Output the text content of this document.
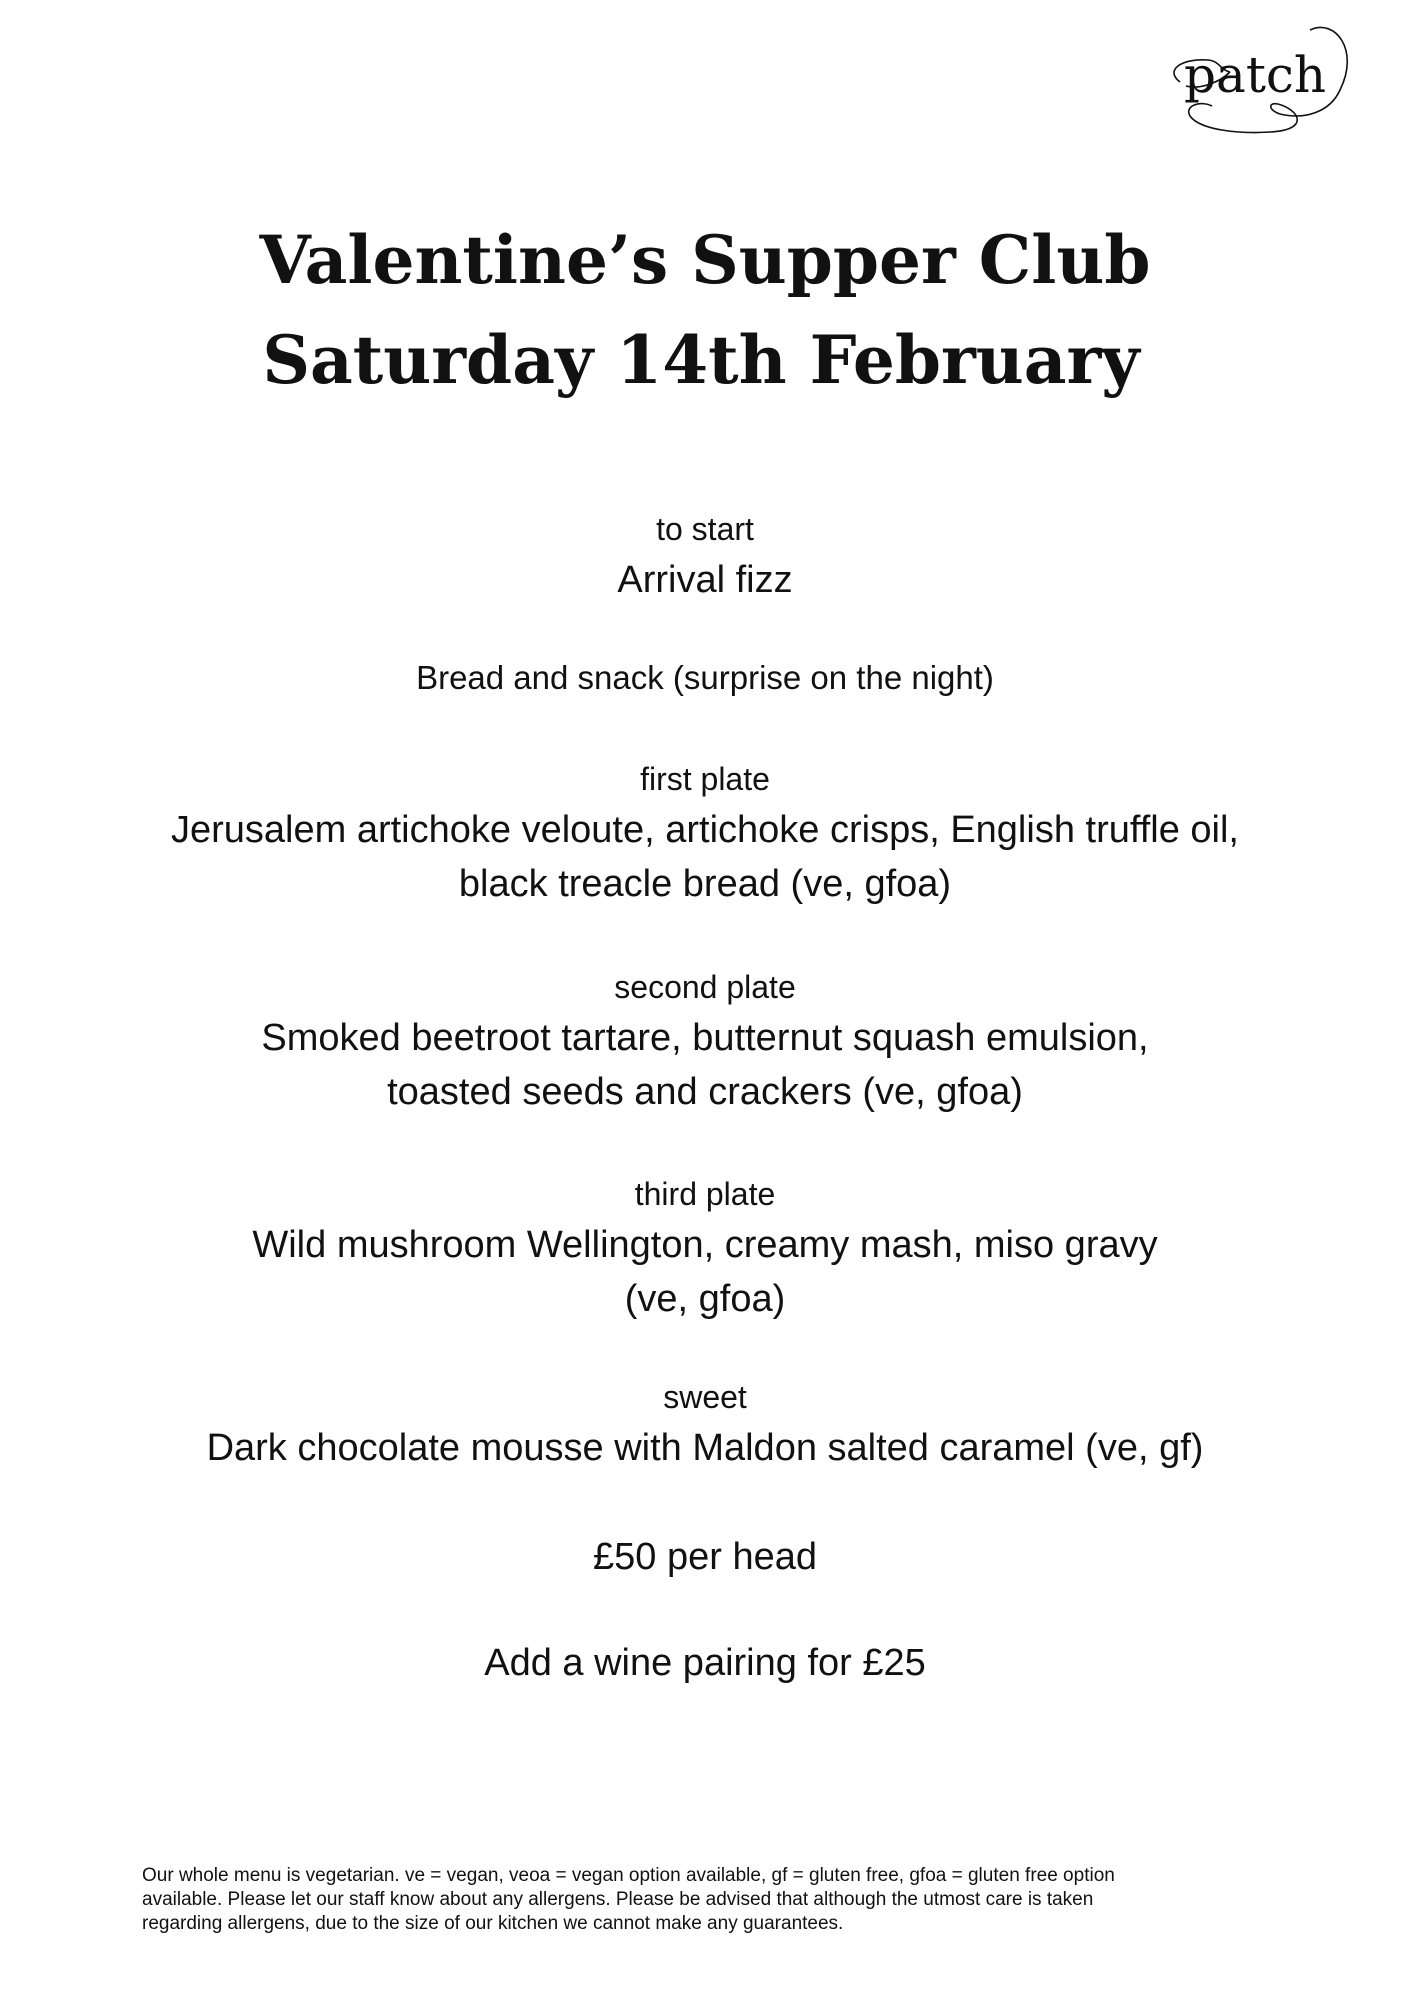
patch
Valentine’s Supper Club
Saturday 14th February
to start
Arrival fizz
Bread and snack (surprise on the night)
first plate
Jerusalem artichoke veloute, artichoke crisps, English truffle oil,
black treacle bread (ve, gfoa)
second plate
Smoked beetroot tartare, butternut squash emulsion,
toasted seeds and crackers (ve, gfoa)
third plate
Wild mushroom Wellington, creamy mash, miso gravy
(ve, gfoa)
sweet
Dark chocolate mousse with Maldon salted caramel (ve, gf)
£50 per head
Add a wine pairing for £25
Our whole menu is vegetarian. ve = vegan, veoa = vegan option available, gf = gluten free, gfoa = gluten free option
available. Please let our staff know about any allergens. Please be advised that although the utmost care is taken
regarding allergens, due to the size of our kitchen we cannot make any guarantees.
